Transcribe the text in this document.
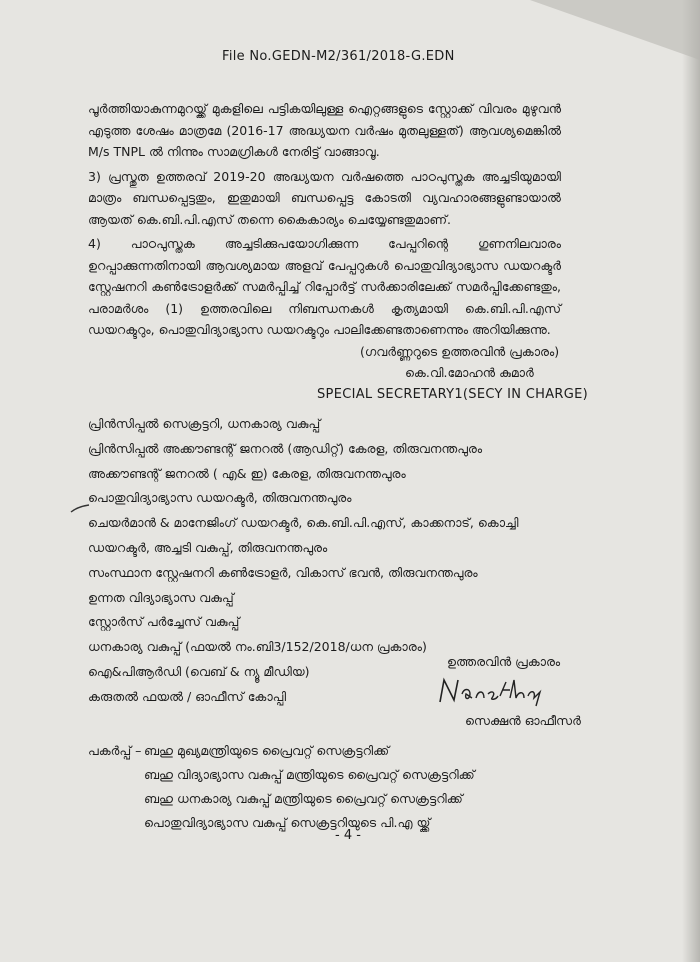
File No.GEDN-M2/361/2018-G.EDN

പൂർത്തിയാകുന്നമുറയ്ക്ക് മുകളിലെ പട്ടികയിലുള്ള ഐറ്റങ്ങളുടെ സ്റ്റോക്ക് വിവരം മുഴുവൻ എടുത്ത ശേഷം മാത്രമേ (2016-17 അദ്ധ്യയന വർഷം മുതലുള്ളത്) ആവശ്യമെങ്കിൽ M/s TNPL ൽ നിന്നും സാമഗ്രികൾ നേരിട്ട് വാങ്ങാവൂ.

3) പ്രസ്തുത ഉത്തരവ് 2019-20 അദ്ധ്യയന വർഷത്തെ പാഠപുസ്തക അച്ചടിയുമായി മാത്രം ബന്ധപ്പെട്ടതും, ഇതുമായി ബന്ധപ്പെട്ട കോടതി വ്യവഹാരങ്ങളുണ്ടായാൽ ആയത് കെ.ബി.പി.എസ് തന്നെ കൈകാര്യം ചെയ്യേണ്ടതുമാണ്.

4) പാഠപുസ്തക അച്ചടിക്കുപയോഗിക്കുന്ന പേപ്പറിന്റെ ഗുണനിലവാരം ഉറപ്പാക്കുന്നതിനായി ആവശ്യമായ അളവ് പേപ്പറുകൾ പൊതുവിദ്യാഭ്യാസ ഡയറക്ടർ സ്റ്റേഷനറി കൺട്രോളർക്ക് സമർപ്പിച്ച് റിപ്പോർട്ട് സർക്കാരിലേക്ക് സമർപ്പിക്കേണ്ടതും, പരാമർശം (1) ഉത്തരവിലെ നിബന്ധനകൾ കൃത്യമായി കെ.ബി.പി.എസ് ഡയറക്ടറും, പൊതുവിദ്യാഭ്യാസ ഡയറക്ടറും പാലിക്കേണ്ടതാണെന്നും അറിയിക്കുന്നു.

(ഗവർണ്ണറുടെ ഉത്തരവിൻ പ്രകാരം)
കെ.വി.മോഹൻ കുമാർ
SPECIAL SECRETARY1(SECY IN CHARGE)
പ്രിൻസിപ്പൽ സെക്രട്ടറി, ധനകാര്യ വകുപ്പ്
പ്രിൻസിപ്പൽ അക്കൗണ്ടന്റ് ജനറൽ (ആഡിറ്റ്) കേരള, തിരുവനന്തപുരം
അക്കൗണ്ടന്റ് ജനറൽ ( എ& ഇ) കേരള, തിരുവനന്തപുരം
പൊതുവിദ്യാഭ്യാസ ഡയറക്ടർ, തിരുവനന്തപുരം
ചെയർമാൻ & മാനേജിംഗ് ഡയറക്ടർ, കെ.ബി.പി.എസ്, കാക്കനാട്, കൊച്ചി
ഡയറക്ടർ, അച്ചടി വകുപ്പ്, തിരുവനന്തപുരം
സംസ്ഥാന സ്റ്റേഷനറി കൺട്രോളർ, വികാസ് ഭവൻ, തിരുവനന്തപുരം
ഉന്നത വിദ്യാഭ്യാസ വകുപ്പ്
സ്റ്റോർസ് പർച്ചേസ് വകുപ്പ്
ധനകാര്യ വകുപ്പ് (ഫയൽ നം.ബി3/152/2018/ധന പ്രകാരം)
ഐ&പിആർഡി (വെബ് & ന്യൂ മീഡിയ)
കരുതൽ ഫയൽ / ഓഫീസ് കോപ്പി
ഉത്തരവിൻ പ്രകാരം
സെക്ഷൻ ഓഫീസർ
പകർപ്പ് – ബഹു മുഖ്യമന്ത്രിയുടെ പ്രൈവറ്റ് സെക്രട്ടറിക്ക്
ബഹു വിദ്യാഭ്യാസ വകുപ്പ് മന്ത്രിയുടെ പ്രൈവറ്റ് സെക്രട്ടറിക്ക്
ബഹു ധനകാര്യ വകുപ്പ് മന്ത്രിയുടെ പ്രൈവറ്റ് സെക്രട്ടറിക്ക്
പൊതുവിദ്യാഭ്യാസ വകുപ്പ് സെക്രട്ടറിയുടെ പി.എ യ്ക്ക്
- 4 -
